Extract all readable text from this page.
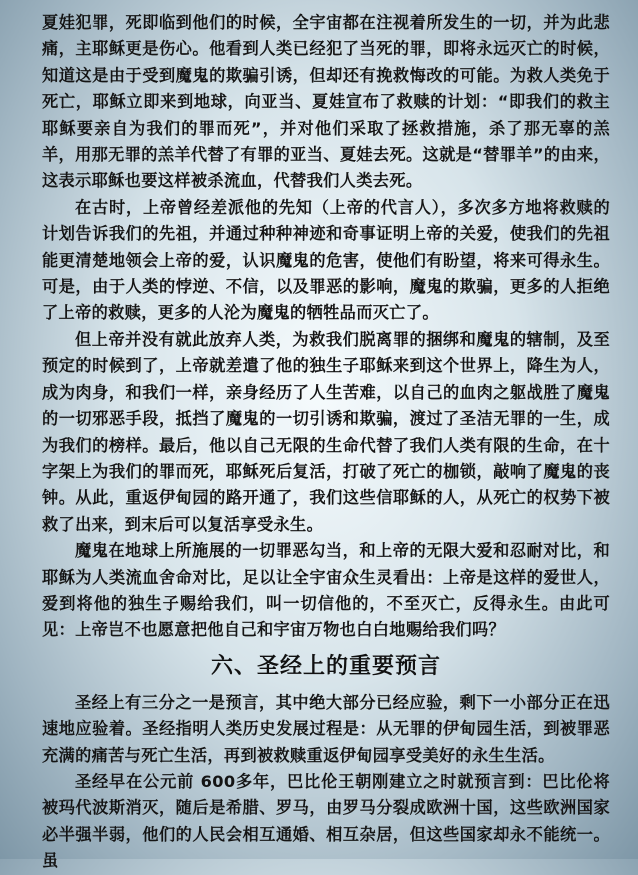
夏娃犯罪，死即临到他们的时候，全宇宙都在注视着所发生的一切，并为此悲痛，主耶稣更是伤心。他看到人类已经犯了当死的罪，即将永远灭亡的时候，知道这是由于受到魔鬼的欺骗引诱，但却还有挽救悔改的可能。为救人类免于死亡，耶稣立即来到地球，向亚当、夏娃宣布了救赎的计划：“即我们的救主耶稣要亲自为我们的罪而死”，并对他们采取了拯救措施，杀了那无辜的羔羊，用那无罪的羔羊代替了有罪的亚当、夏娃去死。这就是“替罪羊”的由来，这表示耶稣也要这样被杀流血，代替我们人类去死。

在古时，上帝曾经差派他的先知（上帝的代言人），多次多方地将救赎的计划告诉我们的先祖，并通过种种神迹和奇事证明上帝的关爱，使我们的先祖能更清楚地领会上帝的爱，认识魔鬼的危害，使他们有盼望，将来可得永生。可是，由于人类的悖逆、不信，以及罪恶的影响，魔鬼的欺骗，更多的人拒绝了上帝的救赎，更多的人沦为魔鬼的牺牲品而灭亡了。

但上帝并没有就此放弃人类，为救我们脱离罪的捆绑和魔鬼的辖制，及至预定的时候到了，上帝就差遣了他的独生子耶稣来到这个世界上，降生为人，成为肉身，和我们一样，亲身经历了人生苦难，以自己的血肉之躯战胜了魔鬼的一切邪恶手段，抵挡了魔鬼的一切引诱和欺骗，渡过了圣洁无罪的一生，成为我们的榜样。最后，他以自己无限的生命代替了我们人类有限的生命，在十字架上为我们的罪而死，耶稣死后复活，打破了死亡的枷锁，敲响了魔鬼的丧钟。从此，重返伊甸园的路开通了，我们这些信耶稣的人，从死亡的权势下被救了出来，到末后可以复活享受永生。

魔鬼在地球上所施展的一切罪恶勾当，和上帝的无限大爱和忍耐对比，和耶稣为人类流血舍命对比，足以让全宇宙众生灵看出：上帝是这样的爱世人，爱到将他的独生子赐给我们，叫一切信他的，不至灭亡，反得永生。由此可见：上帝岂不也愿意把他自己和宇宙万物也白白地赐给我们吗？

六、圣经上的重要预言

圣经上有三分之一是预言，其中绝大部分已经应验，剩下一小部分正在迅速地应验着。圣经指明人类历史发展过程是：从无罪的伊甸园生活，到被罪恶充满的痛苦与死亡生活，再到被救赎重返伊甸园享受美好的永生生活。

圣经早在公元前 600多年，巴比伦王朝刚建立之时就预言到：巴比伦将被玛代波斯消灭，随后是希腊、罗马，由罗马分裂成欧洲十国，这些欧洲国家必半强半弱，他们的人民会相互通婚、相互杂居，但这些国家却永不能统一。虽
